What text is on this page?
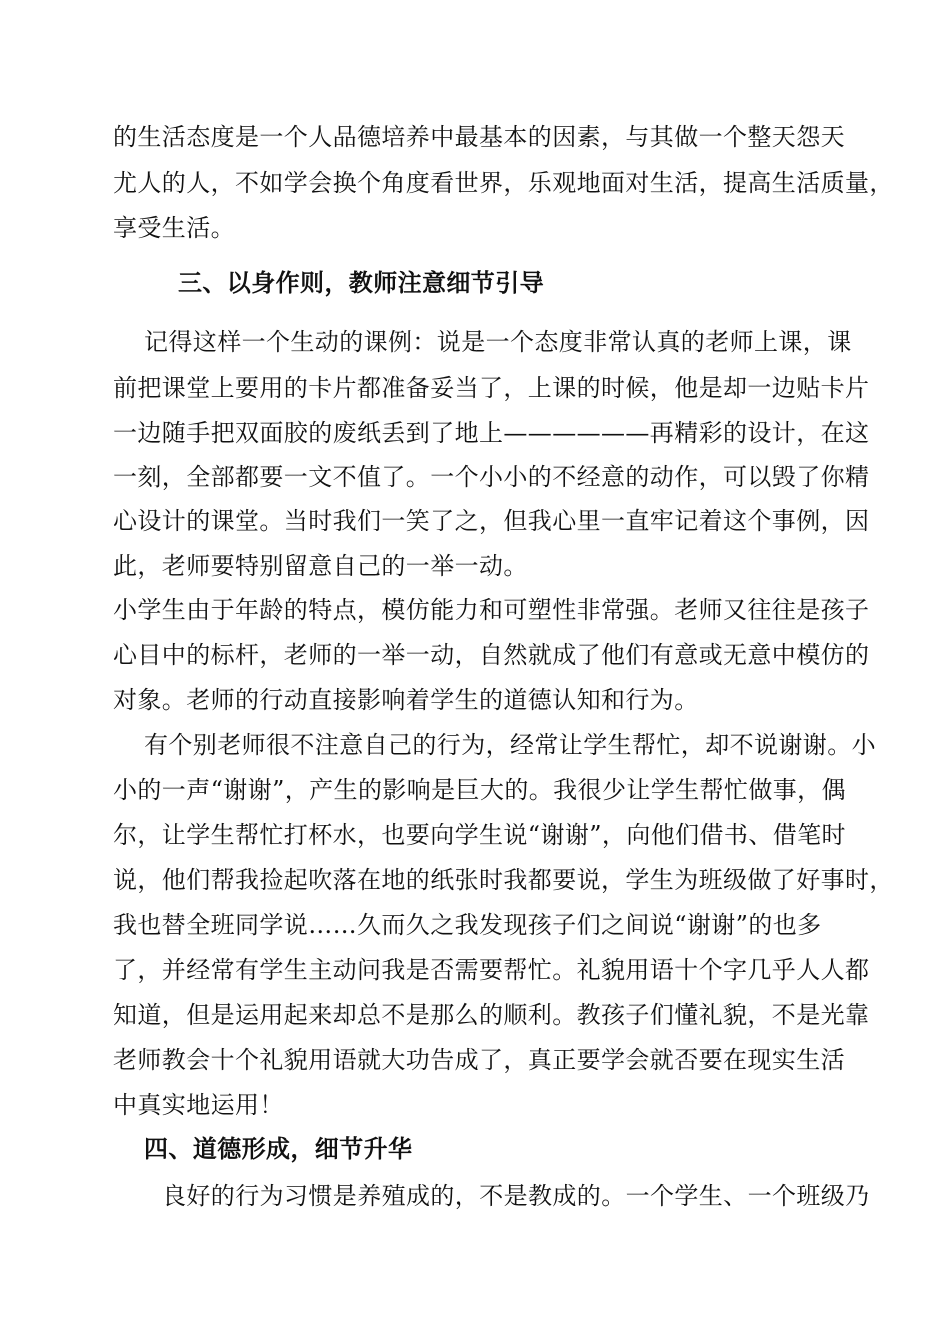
的生活态度是一个人品德培养中最基本的因素，与其做一个整天怨天
尤人的人，不如学会换个角度看世界，乐观地面对生活，提高生活质量，
享受生活。
三、以身作则，教师注意细节引导
记得这样一个生动的课例：说是一个态度非常认真的老师上课，课
前把课堂上要用的卡片都准备妥当了，上课的时候，他是却一边贴卡片
一边随手把双面胶的废纸丢到了地上——————再精彩的设计，在这
一刻，全部都要一文不值了。一个小小的不经意的动作，可以毁了你精
心设计的课堂。当时我们一笑了之，但我心里一直牢记着这个事例，因
此，老师要特别留意自己的一举一动。
小学生由于年龄的特点，模仿能力和可塑性非常强。老师又往往是孩子
心目中的标杆，老师的一举一动，自然就成了他们有意或无意中模仿的
对象。老师的行动直接影响着学生的道德认知和行为。
有个别老师很不注意自己的行为，经常让学生帮忙，却不说谢谢。小
小的一声“谢谢”，产生的影响是巨大的。我很少让学生帮忙做事，偶
尔，让学生帮忙打杯水，也要向学生说“谢谢”，向他们借书、借笔时
说，他们帮我捡起吹落在地的纸张时我都要说，学生为班级做了好事时，
我也替全班同学说……久而久之我发现孩子们之间说“谢谢”的也多
了，并经常有学生主动问我是否需要帮忙。礼貌用语十个字几乎人人都
知道，但是运用起来却总不是那么的顺利。教孩子们懂礼貌，不是光靠
老师教会十个礼貌用语就大功告成了，真正要学会就否要在现实生活
中真实地运用！
四、道德形成，细节升华
良好的行为习惯是养殖成的，不是教成的。一个学生、一个班级乃
